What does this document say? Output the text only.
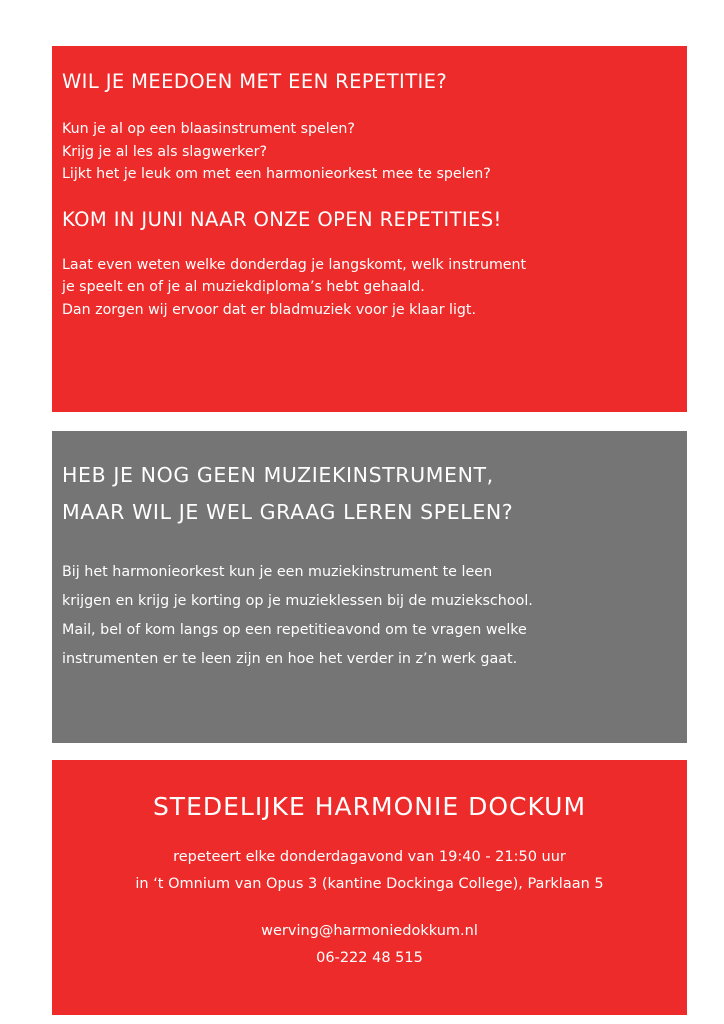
WIL JE MEEDOEN MET EEN REPETITIE?

Kun je al op een blaasinstrument spelen?

Krijg je al les als slagwerker?

Lijkt het je leuk om met een harmonieorkest mee te spelen?

KOM IN JUNI NAAR ONZE OPEN REPETITIES!

Laat even weten welke donderdag je langskomt, welk instrument

je speelt en of je al muziekdiploma’s hebt gehaald.

Dan zorgen wij ervoor dat er bladmuziek voor je klaar ligt.

HEB JE NOG GEEN MUZIEKINSTRUMENT,
MAAR WIL JE WEL GRAAG LEREN SPELEN?

Bij het harmonieorkest kun je een muziekinstrument te leen

krijgen en krijg je korting op je muzieklessen bij de muziekschool.

Mail, bel of kom langs op een repetitieavond om te vragen welke

instrumenten er te leen zijn en hoe het verder in z’n werk gaat.

STEDELIJKE HARMONIE DOCKUM

repeteert elke donderdagavond van 19:40 - 21:50 uur

in ‘t Omnium van Opus 3 (kantine Dockinga College), Parklaan 5

werving@harmoniedokkum.nl

06-222 48 515
